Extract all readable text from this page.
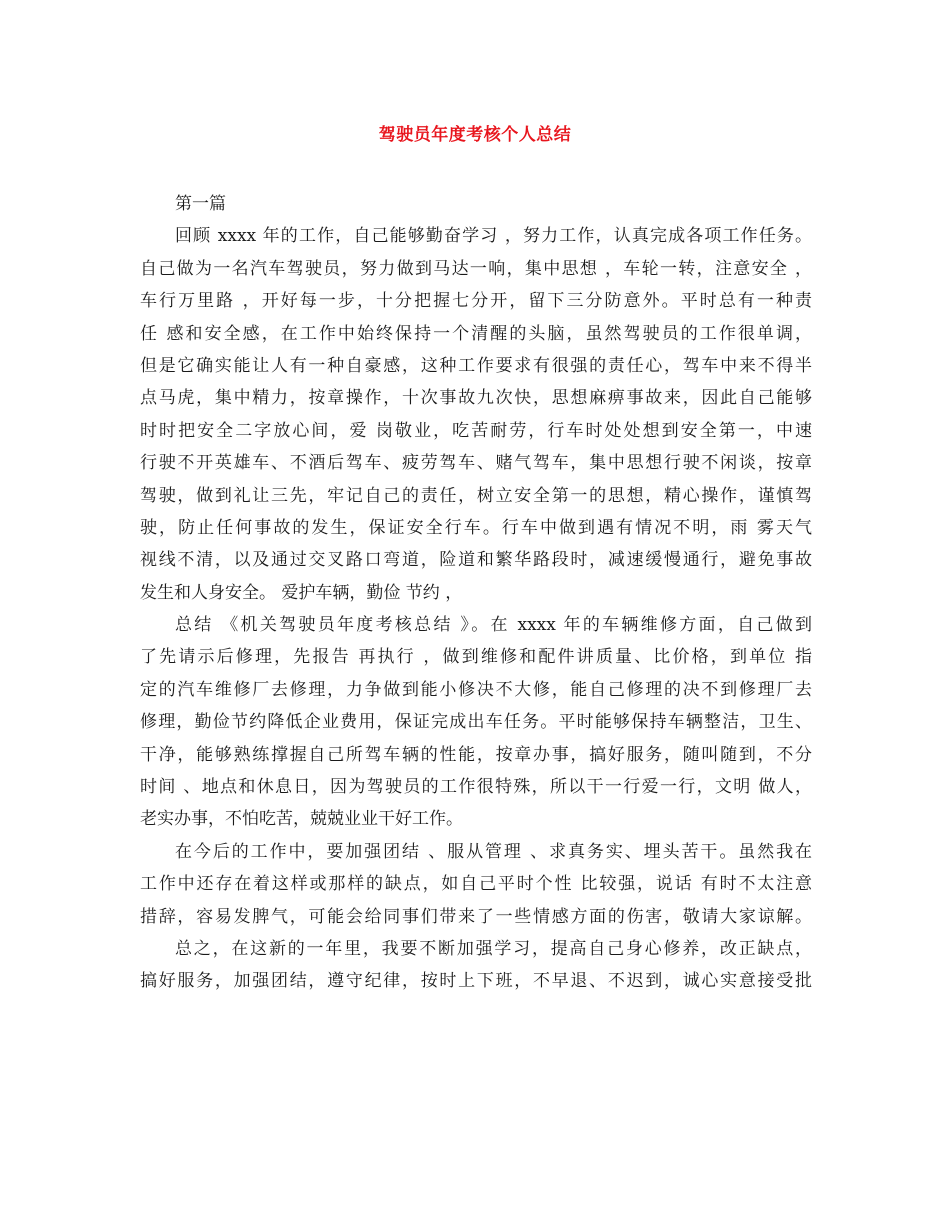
驾驶员年度考核个人总结
第一篇
回顾 xxxx 年的工作，自己能够勤奋学习 ，努力工作，认真完成各项工作任务。
自己做为一名汽车驾驶员，努力做到马达一响，集中思想 ，车轮一转，注意安全 ，
车行万里路 ，开好每一步，十分把握七分开，留下三分防意外。平时总有一种责
任 感和安全感，在工作中始终保持一个清醒的头脑，虽然驾驶员的工作很单调，
但是它确实能让人有一种自豪感，这种工作要求有很强的责任心，驾车中来不得半
点马虎，集中精力，按章操作，十次事故九次快，思想麻痹事故来，因此自己能够
时时把安全二字放心间，爱 岗敬业，吃苦耐劳，行车时处处想到安全第一，中速
行驶不开英雄车、不酒后驾车、疲劳驾车、赌气驾车，集中思想行驶不闲谈，按章
驾驶，做到礼让三先，牢记自己的责任，树立安全第一的思想，精心操作，谨慎驾
驶，防止任何事故的发生，保证安全行车。行车中做到遇有情况不明，雨 雾天气
视线不清，以及通过交叉路口弯道，险道和繁华路段时，减速缓慢通行，避免事故
发生和人身安全。 爱护车辆，勤俭 节约 ，
总结 《机关驾驶员年度考核总结 》。在 xxxx 年的车辆维修方面，自己做到
了先请示后修理，先报告 再执行 ，做到维修和配件讲质量、比价格，到单位 指
定的汽车维修厂去修理，力争做到能小修决不大修，能自己修理的决不到修理厂去
修理，勤俭节约降低企业费用，保证完成出车任务。平时能够保持车辆整洁，卫生、
干净，能够熟练撑握自己所驾车辆的性能，按章办事，搞好服务，随叫随到，不分
时间 、地点和休息日，因为驾驶员的工作很特殊，所以干一行爱一行，文明 做人，
老实办事，不怕吃苦，兢兢业业干好工作。
在今后的工作中，要加强团结 、服从管理 、求真务实、埋头苦干。虽然我在
工作中还存在着这样或那样的缺点，如自己平时个性 比较强，说话 有时不太注意
措辞，容易发脾气，可能会给同事们带来了一些情感方面的伤害，敬请大家谅解。
总之，在这新的一年里，我要不断加强学习，提高自己身心修养，改正缺点，
搞好服务，加强团结，遵守纪律，按时上下班，不早退、不迟到，诚心实意接受批
